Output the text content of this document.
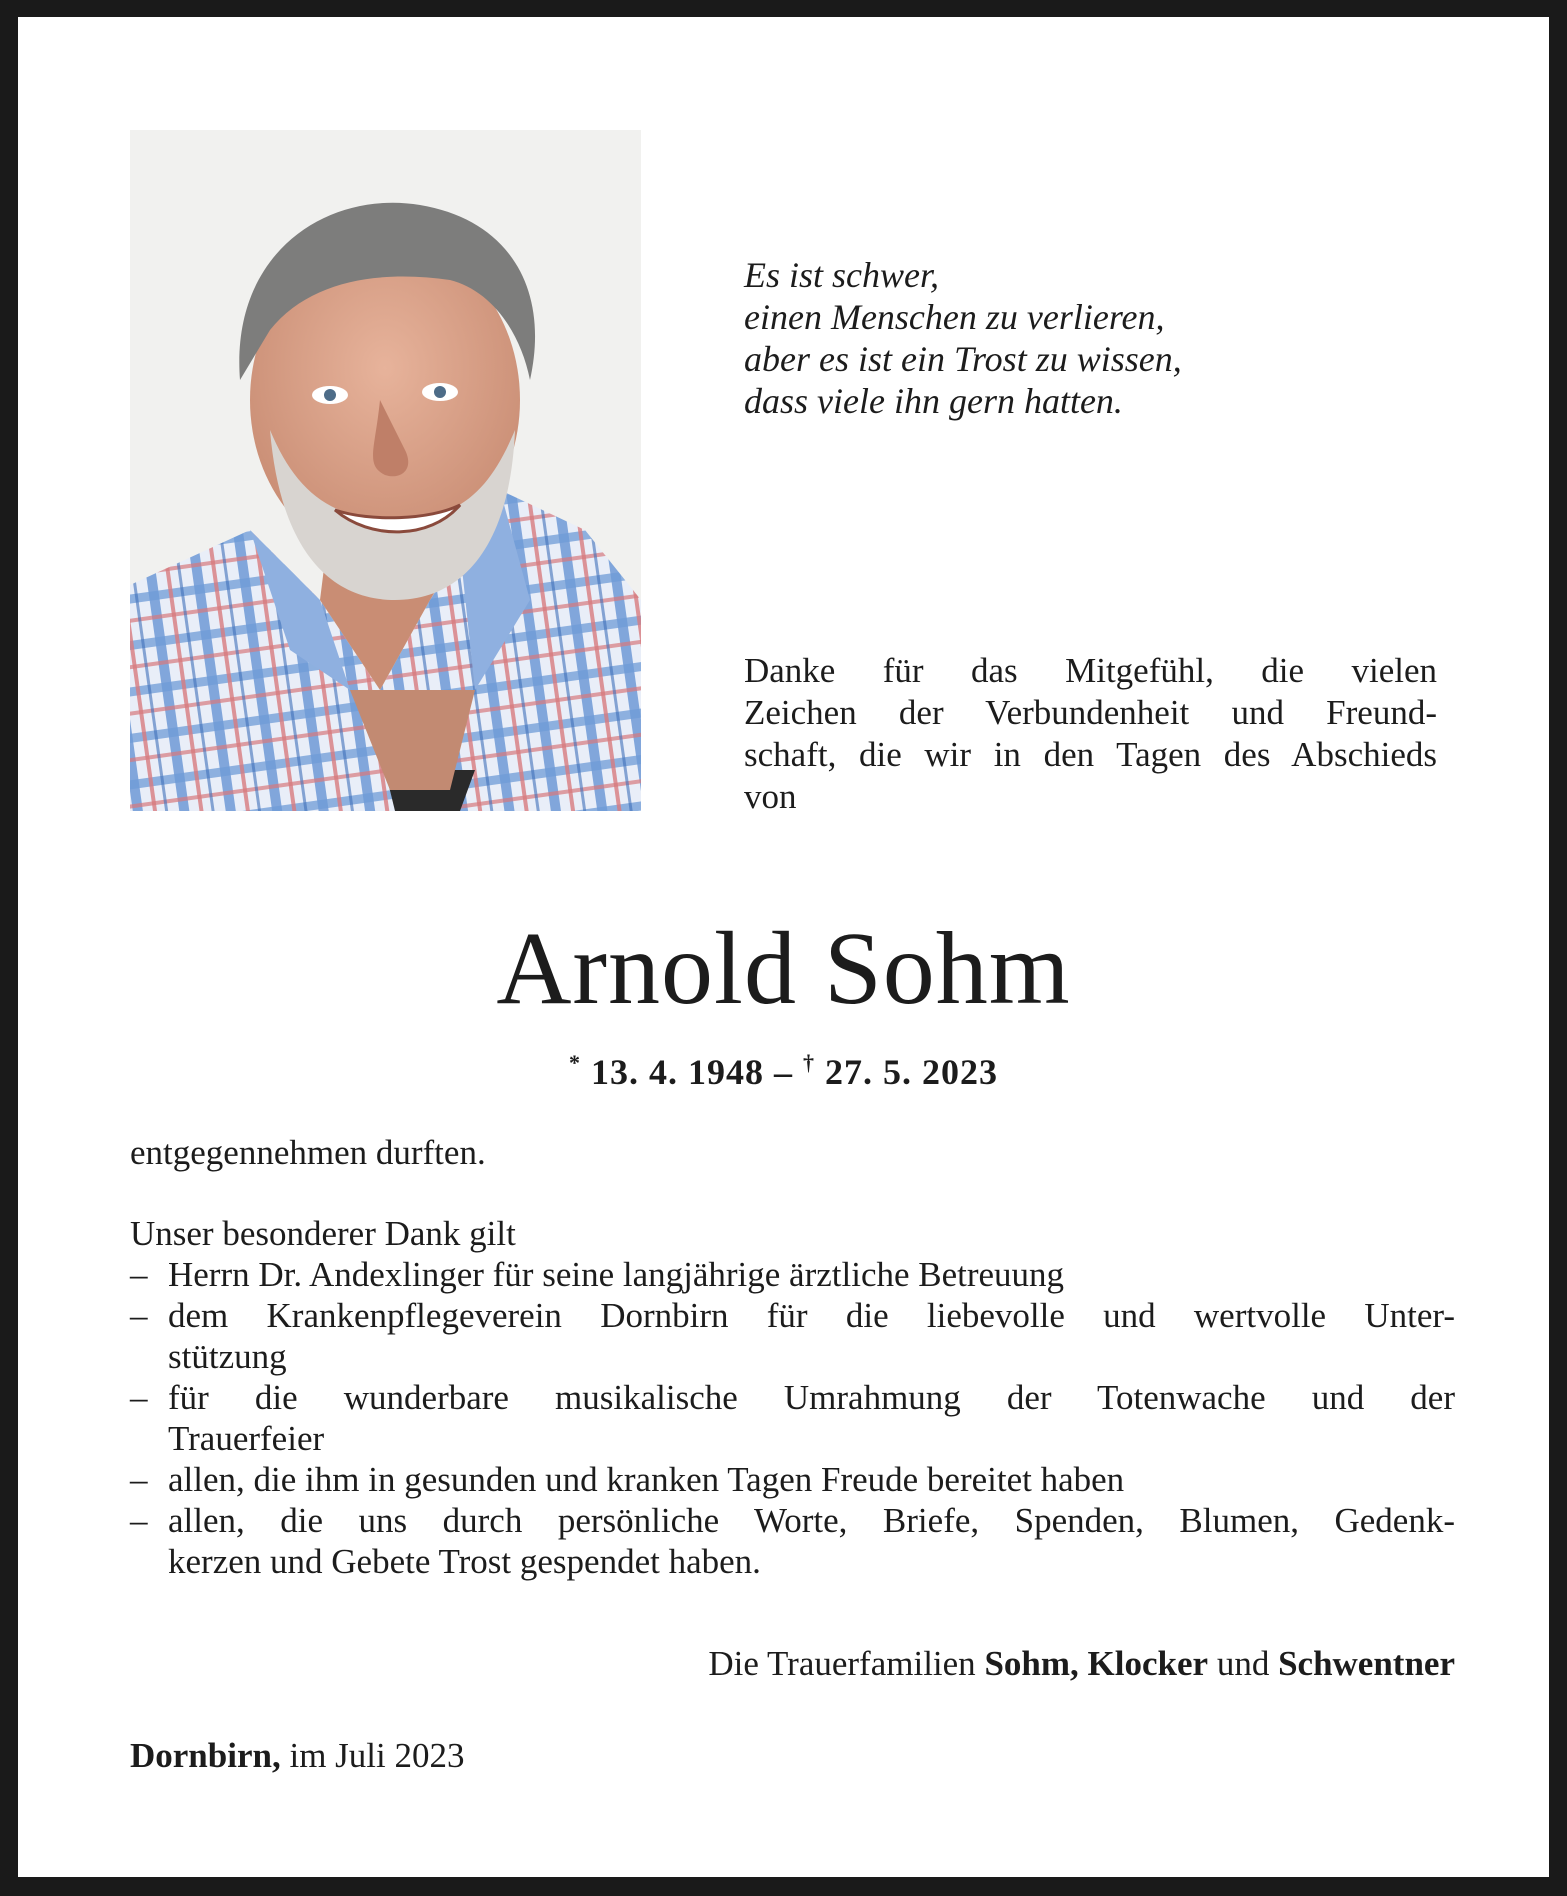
Es ist schwer,
einen Menschen zu verlieren,
aber es ist ein Trost zu wissen,
dass viele ihn gern hatten.
Danke für das Mitgefühl, die vielen
Zeichen der Verbundenheit und Freund-
schaft, die wir in den Tagen des Abschieds
von
Arnold Sohm
* 13. 4. 1948 – † 27. 5. 2023
entgegennehmen durften.
Unser besonderer Dank gilt
– Herrn Dr. Andexlinger für seine langjährige ärztliche Betreuung
– dem Krankenpflegeverein Dornbirn für die liebevolle und wertvolle Unter-
stützung
– für die wunderbare musikalische Umrahmung der Totenwache und der
Trauerfeier
– allen, die ihm in gesunden und kranken Tagen Freude bereitet haben
– allen, die uns durch persönliche Worte, Briefe, Spenden, Blumen, Gedenk-
kerzen und Gebete Trost gespendet haben.
Die Trauerfamilien Sohm, Klocker und Schwentner
Dornbirn, im Juli 2023
